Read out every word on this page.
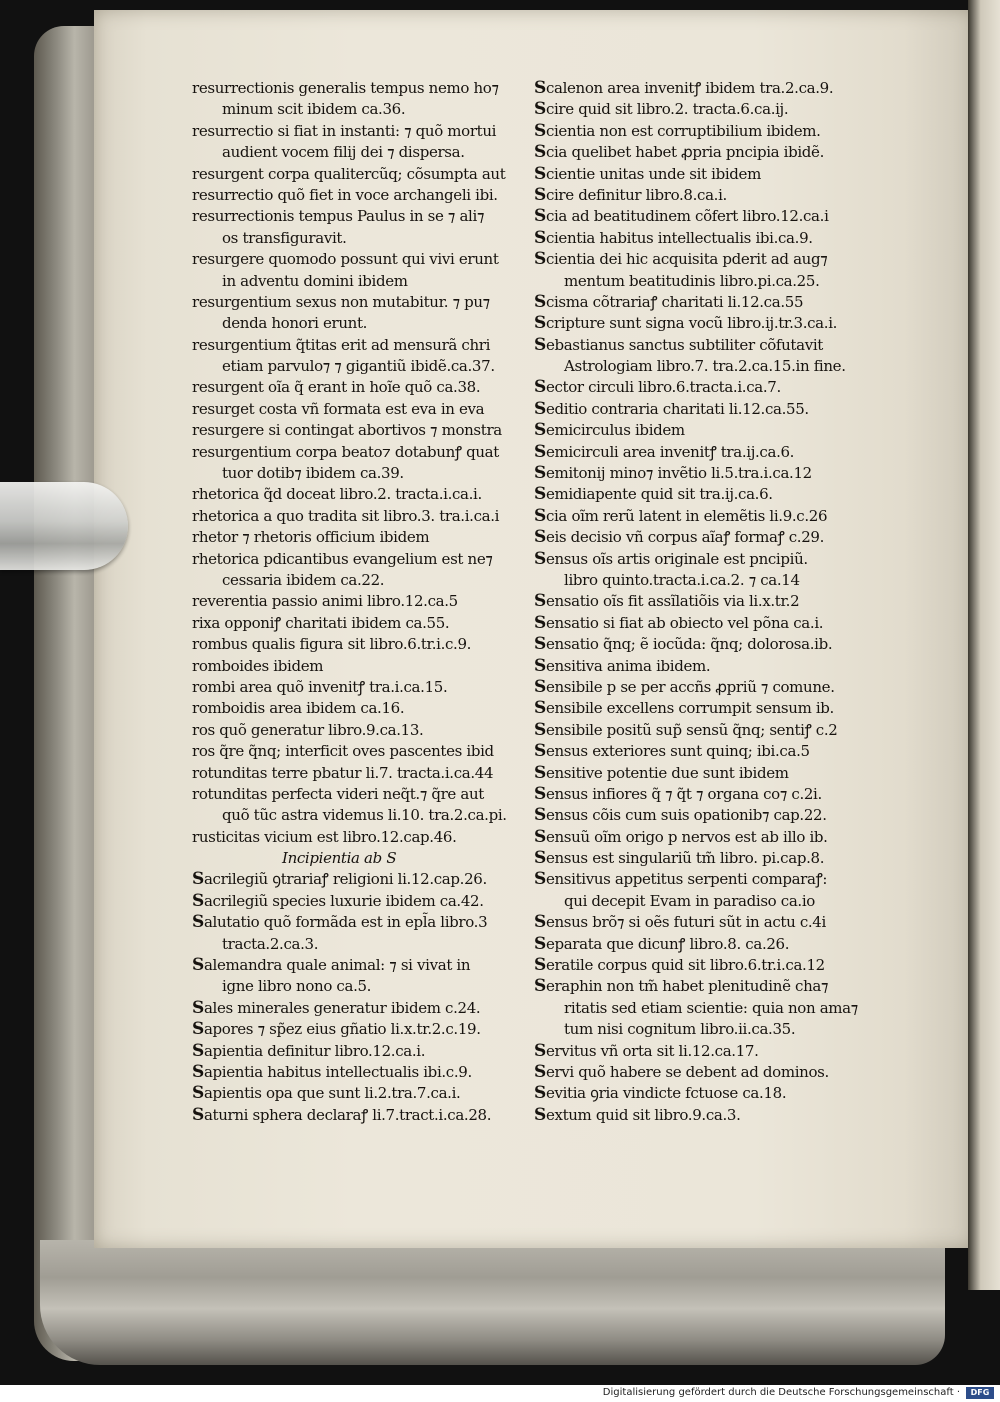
resurrectionis generalis tempus nemo ho⁊
minum scit ibidem ca.36.
resurrectio si fiat in instanti: ⁊ quõ mortui
audient vocem filij dei ⁊ dispersa.
resurgent corpa qualitercũq; cõsumpta aut
resurrectio quõ fiet in voce archangeli ibi.
resurrectionis tempus Paulus in se ⁊ ali⁊
os transfiguravit.
resurgere quomodo possunt qui vivi erunt
in adventu domini ibidem
resurgentium sexus non mutabitur. ⁊ pu⁊
denda honori erunt.
resurgentium q̃titas erit ad mensurã chri
etiam parvulo⁊ ⁊ gigantiũ ibidẽ.ca.37.
resurgent oĩa q̃ erant in hoĩe quõ ca.38.
resurget costa vñ formata est eva in eva
resurgere si contingat abortivos ⁊ monstra
resurgentium corpa beato⁊ dotabunꝭ quat
tuor dotib⁊ ibidem ca.39.
rhetorica q̃d doceat libro.2. tracta.i.ca.i.
rhetorica a quo tradita sit libro.3. tra.i.ca.i
rhetor ⁊ rhetoris officium ibidem
rhetorica pdicantibus evangelium est ne⁊
cessaria ibidem ca.22.
reverentia passio animi libro.12.ca.5
rixa opponiꝭ charitati ibidem ca.55.
rombus qualis figura sit libro.6.tr.i.c.9.
romboides ibidem
rombi area quõ invenitꝭ tra.i.ca.15.
romboidis area ibidem ca.16.
ros quõ generatur libro.9.ca.13.
ros q̃re q̃nq; interficit oves pascentes ibid
rotunditas terre pbatur li.7. tracta.i.ca.44
rotunditas perfecta videri neq̃t.⁊ q̃re aut
quõ tũc astra videmus li.10. tra.2.ca.pi.
rusticitas vicium est libro.12.cap.46.
Incipientia ab S
Sacrilegiũ ꝯtrariaꝭ religioni li.12.cap.26.
Sacrilegiũ species luxurie ibidem ca.42.
Salutatio quõ formãda est in epl̃a libro.3
tracta.2.ca.3.
Salemandra quale animal: ⁊ si vivat in
igne libro nono ca.5.
Sales minerales generatur ibidem c.24.
Sapores ⁊ sp̃ez eius gñatio li.x.tr.2.c.19.
Sapientia definitur libro.12.ca.i.
Sapientia habitus intellectualis ibi.c.9.
Sapientis opa que sunt li.2.tra.7.ca.i.
Saturni sphera declaraꝭ li.7.tract.i.ca.28.
Scalenon area invenitꝭ ibidem tra.2.ca.9.
Scire quid sit libro.2. tracta.6.ca.ij.
Scientia non est corruptibilium ibidem.
Scia quelibet habet ꝓpria pncipia ibidẽ.
Scientie unitas unde sit ibidem
Scire definitur libro.8.ca.i.
Scia ad beatitudinem cõfert libro.12.ca.i
Scientia habitus intellectualis ibi.ca.9.
Scientia dei hic acquisita pderit ad aug⁊
mentum beatitudinis libro.pi.ca.25.
Scisma cõtrariaꝭ charitati li.12.ca.55
Scripture sunt signa vocũ libro.ij.tr.3.ca.i.
Sebastianus sanctus subtiliter cõfutavit
Astrologiam libro.7. tra.2.ca.15.in fine.
Sector circuli libro.6.tracta.i.ca.7.
Seditio contraria charitati li.12.ca.55.
Semicirculus ibidem
Semicirculi area invenitꝭ tra.ij.ca.6.
Semitonij mino⁊ invẽtio li.5.tra.i.ca.12
Semidiapente quid sit tra.ij.ca.6.
Scia oĩm rerũ latent in elemẽtis li.9.c.26
Seis decisio vñ corpus aĩaꝭ formaꝭ c.29.
Sensus oĩs artis originale est pncipiũ.
libro quinto.tracta.i.ca.2. ⁊ ca.14
Sensatio oĩs fit assĩlatiõis via li.x.tr.2
Sensatio si fiat ab obiecto vel põna ca.i.
Sensatio q̃nq; ẽ iocũda: q̃nq; dolorosa.ib.
Sensitiva anima ibidem.
Sensibile p se per accñs ꝓpriũ ⁊ comune.
Sensibile excellens corrumpit sensum ib.
Sensibile positũ sup̃ sensũ q̃nq; sentiꝭ c.2
Sensus exteriores sunt quinq; ibi.ca.5
Sensitive potentie due sunt ibidem
Sensus infiores q̃ ⁊ q̃t ⁊ organa co⁊ c.2i.
Sensus cõis cum suis opationib⁊ cap.22.
Sensuũ oĩm origo p nervos est ab illo ib.
Sensus est singulariũ tm̃ libro. pi.cap.8.
Sensitivus appetitus serpenti comparaꝭ:
qui decepit Evam in paradiso ca.io
Sensus brõ⁊ si oẽs futuri sũt in actu c.4i
Separata que dicunꝭ libro.8. ca.26.
Seratile corpus quid sit libro.6.tr.i.ca.12
Seraphin non tm̃ habet plenitudinẽ cha⁊
ritatis sed etiam scientie: quia non ama⁊
tum nisi cognitum libro.ii.ca.35.
Servitus vñ orta sit li.12.ca.17.
Servi quõ habere se debent ad dominos.
Sevitia ꝯria vindicte fctuose ca.18.
Sextum quid sit libro.9.ca.3.
Digitalisierung gefördert durch die Deutsche Forschungsgemeinschaft ·	DFG
